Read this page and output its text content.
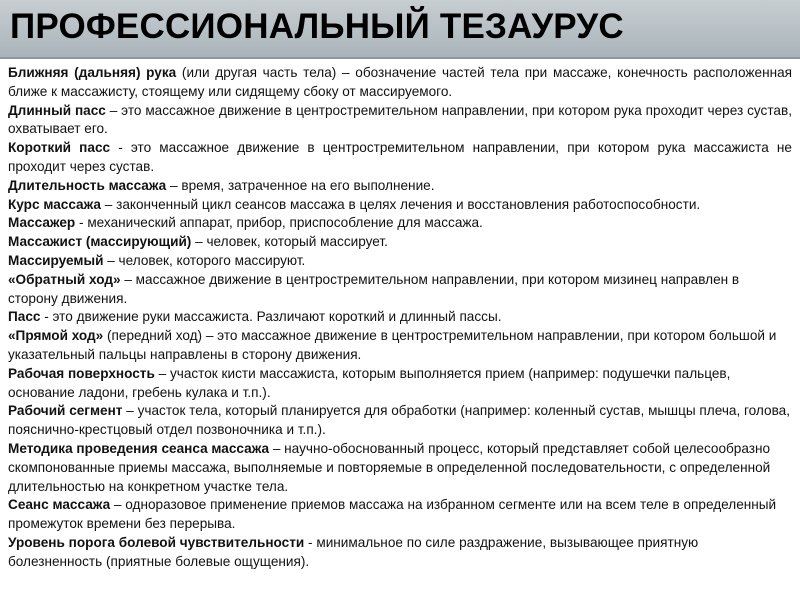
ПРОФЕССИОНАЛЬНЫЙ ТЕЗАУРУС

Ближняя (дальняя) рука (или другая часть тела) – обозначение частей тела при массаже, конечность расположенная ближе к массажисту, стоящему или сидящему сбоку от массируемого.

Длинный пасс – это массажное движение в центростремительном направлении, при котором рука проходит через сустав, охватывает его.

Короткий пасс - это массажное движение в центростремительном направлении, при котором рука массажиста не проходит через сустав.

Длительность массажа – время, затраченное на его выполнение.

Курс массажа – законченный цикл сеансов массажа в целях лечения и восстановления работоспособности.

Массажер - механический аппарат, прибор, приспособление для массажа.

Массажист (массирующий) – человек, который массирует.

Массируемый – человек, которого массируют.

«Обратный ход» – массажное движение в центростремительном направлении, при котором мизинец направлен в сторону движения.

Пасс - это движение руки массажиста. Различают короткий и длинный пассы.

«Прямой ход» (передний ход) – это массажное движение в центростремительном направлении, при котором большой и указательный пальцы направлены в сторону движения.

Рабочая поверхность – участок кисти массажиста, которым выполняется прием (например: подушечки пальцев, основание ладони, гребень кулака и т.п.).

Рабочий сегмент – участок тела, который планируется для обработки (например: коленный сустав, мышцы плеча, голова, пояснично-крестцовый отдел позвоночника и т.п.).

Методика проведения сеанса массажа – научно-обоснованный процесс, который представляет собой целесообразно скомпонованные приемы массажа, выполняемые и повторяемые в определенной последовательности, с определенной длительностью на конкретном участке тела.

Сеанс массажа – одноразовое применение приемов массажа на избранном сегменте или на всем теле в определенный промежуток времени без перерыва.

Уровень порога болевой чувствительности - минимальное по силе раздражение, вызывающее приятную болезненность (приятные болевые ощущения).
